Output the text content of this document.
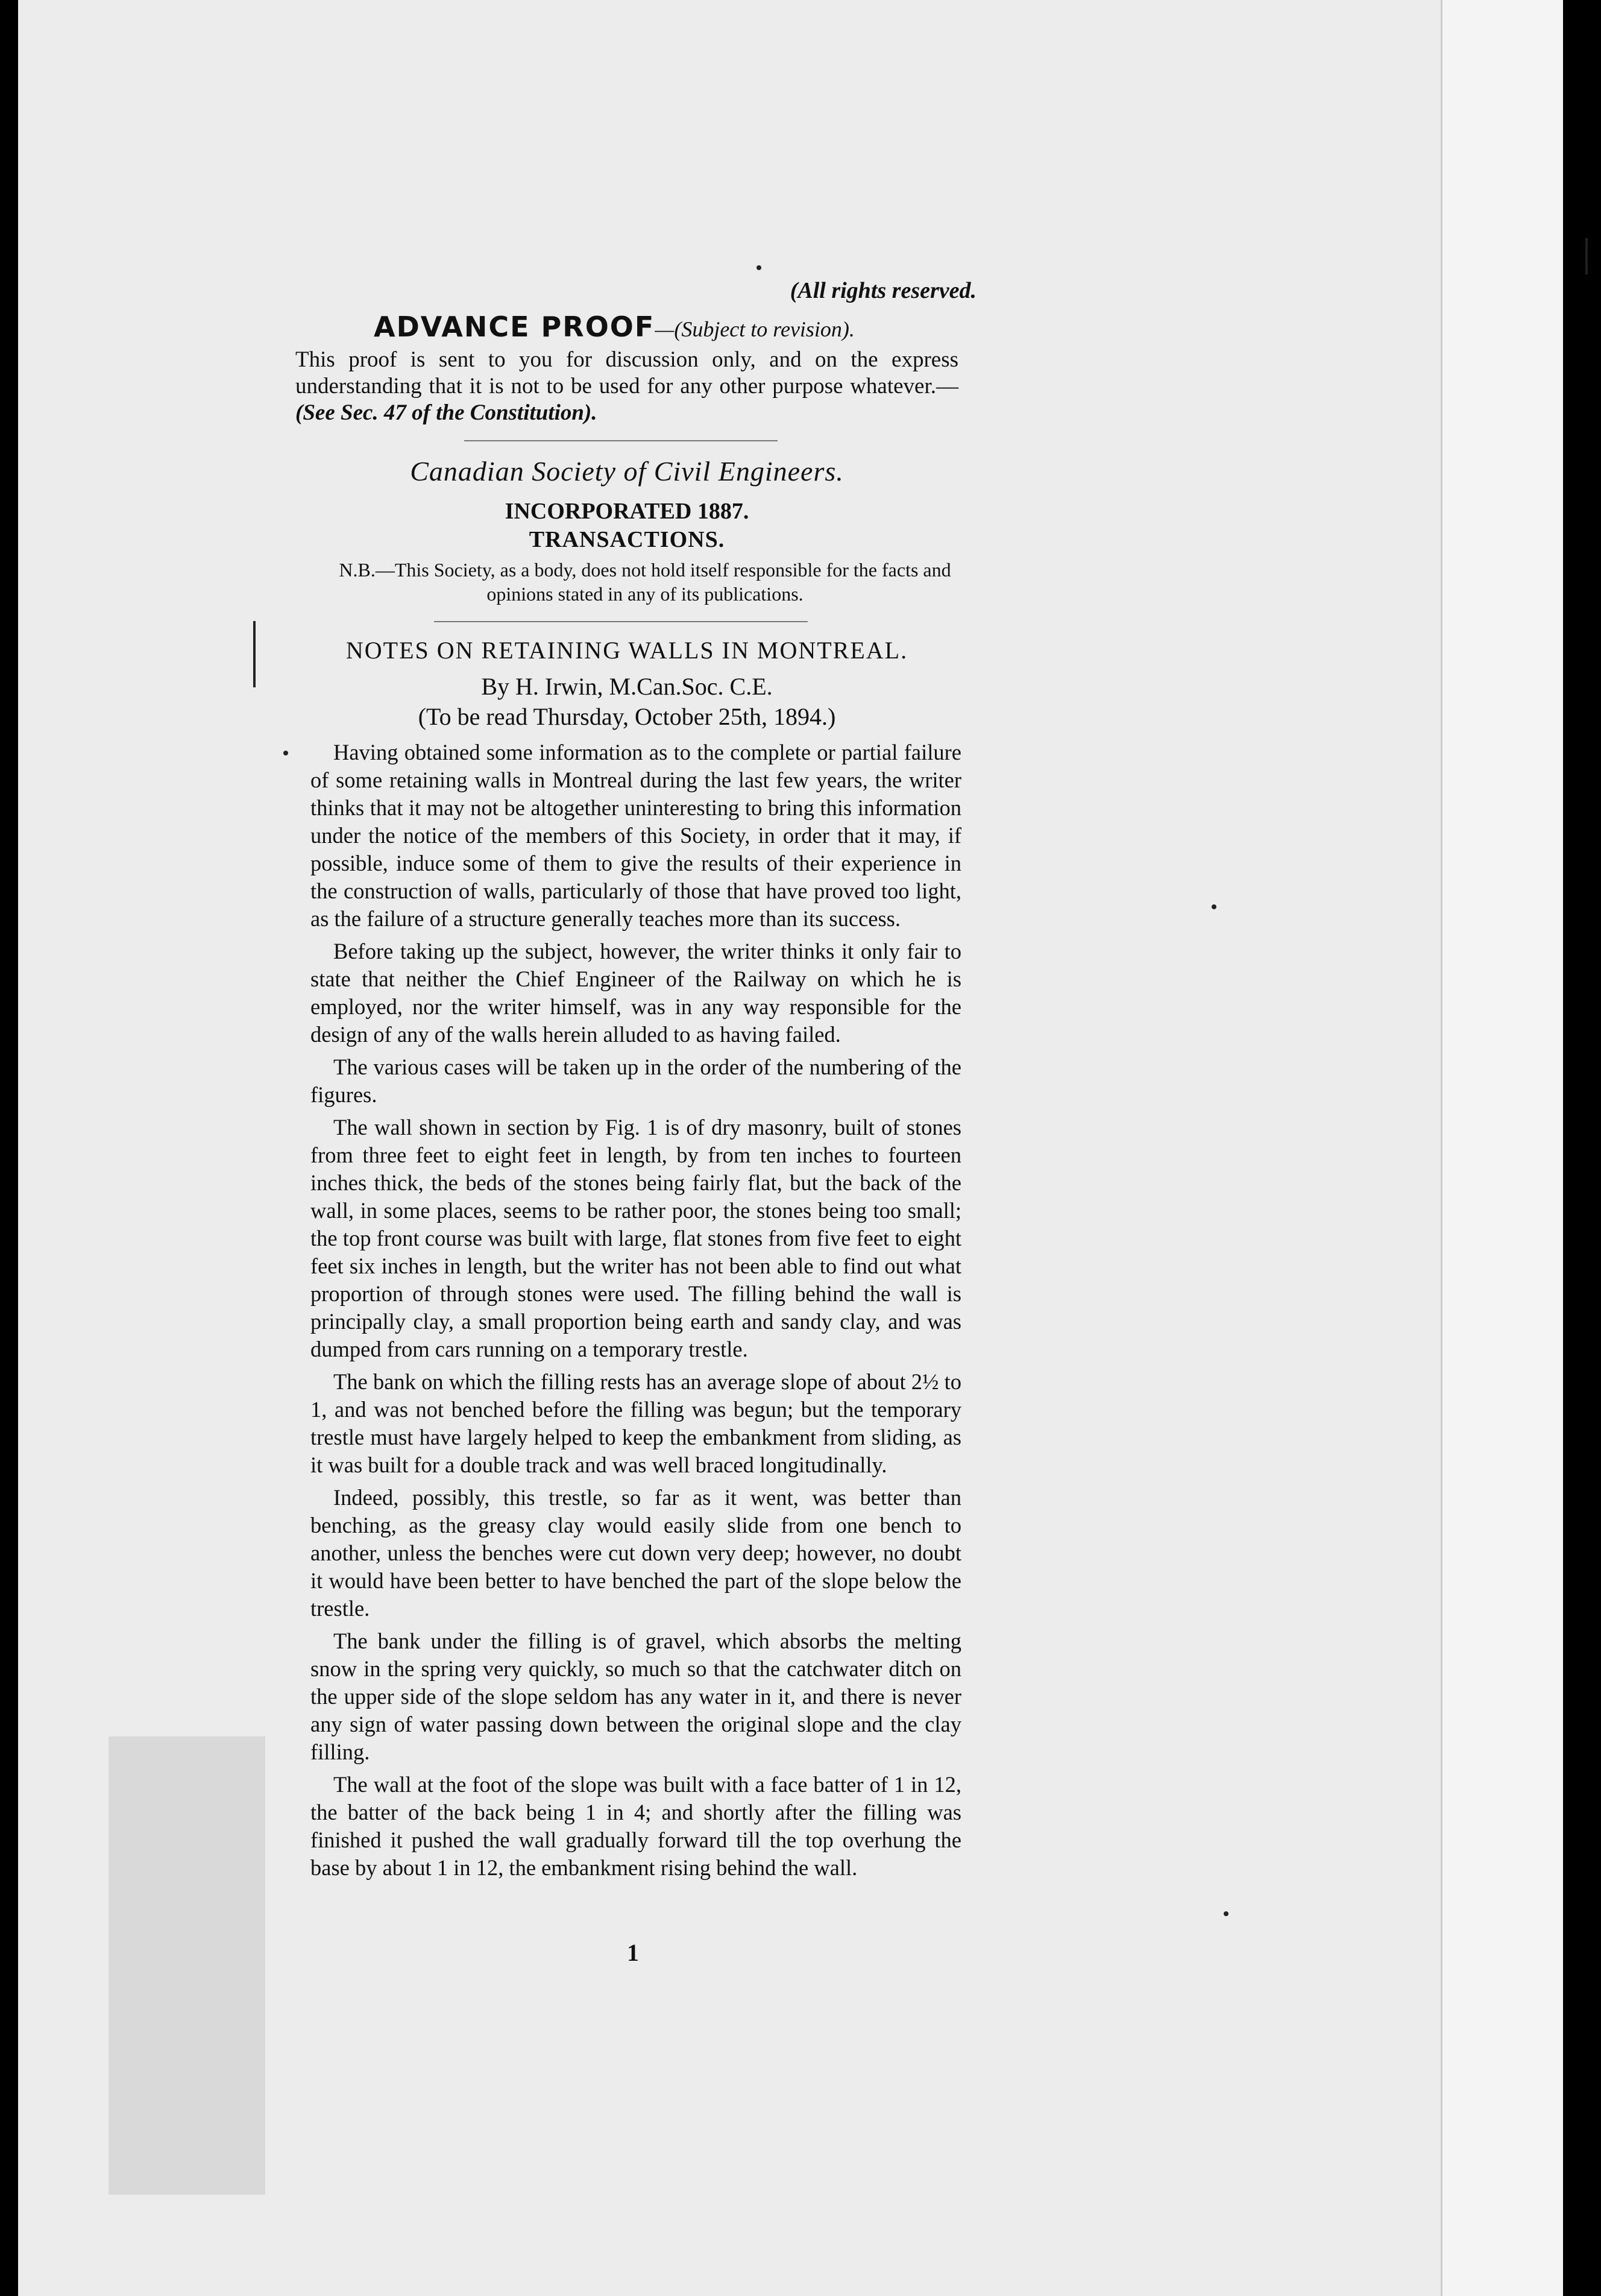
(All rights reserved.
ADVANCE PROOF—(Subject to revision).
This proof is sent to you for discussion only, and on the express understanding that it is not to be used for any other purpose whatever.—(See Sec. 47 of the Constitution).
Canadian Society of Civil Engineers.
INCORPORATED 1887.
TRANSACTIONS.
N.B.—This Society, as a body, does not hold itself responsible for the facts and opinions stated in any of its publications.
NOTES ON RETAINING WALLS IN MONTREAL.
By H. Irwin, M.Can.Soc. C.E.
(To be read Thursday, October 25th, 1894.)

Having obtained some information as to the complete or partial failure of some retaining walls in Montreal during the last few years, the writer thinks that it may not be altogether uninteresting to bring this information under the notice of the members of this Society, in order that it may, if possible, induce some of them to give the results of their experience in the construction of walls, particularly of those that have proved too light, as the failure of a structure generally teaches more than its success.

Before taking up the subject, however, the writer thinks it only fair to state that neither the Chief Engineer of the Railway on which he is employed, nor the writer himself, was in any way responsible for the design of any of the walls herein alluded to as having failed.

The various cases will be taken up in the order of the numbering of the figures.

The wall shown in section by Fig. 1 is of dry masonry, built of stones from three feet to eight feet in length, by from ten inches to fourteen inches thick, the beds of the stones being fairly flat, but the back of the wall, in some places, seems to be rather poor, the stones being too small; the top front course was built with large, flat stones from five feet to eight feet six inches in length, but the writer has not been able to find out what proportion of through stones were used. The filling behind the wall is principally clay, a small proportion being earth and sandy clay, and was dumped from cars running on a temporary trestle.

The bank on which the filling rests has an average slope of about 2½ to 1, and was not benched before the filling was begun; but the temporary trestle must have largely helped to keep the embankment from sliding, as it was built for a double track and was well braced longitudinally.

Indeed, possibly, this trestle, so far as it went, was better than benching, as the greasy clay would easily slide from one bench to another, unless the benches were cut down very deep; however, no doubt it would have been better to have benched the part of the slope below the trestle.

The bank under the filling is of gravel, which absorbs the melting snow in the spring very quickly, so much so that the catchwater ditch on the upper side of the slope seldom has any water in it, and there is never any sign of water passing down between the original slope and the clay filling.

The wall at the foot of the slope was built with a face batter of 1 in 12, the batter of the back being 1 in 4; and shortly after the filling was finished it pushed the wall gradually forward till the top overhung the base by about 1 in 12, the embankment rising behind the wall.

1
